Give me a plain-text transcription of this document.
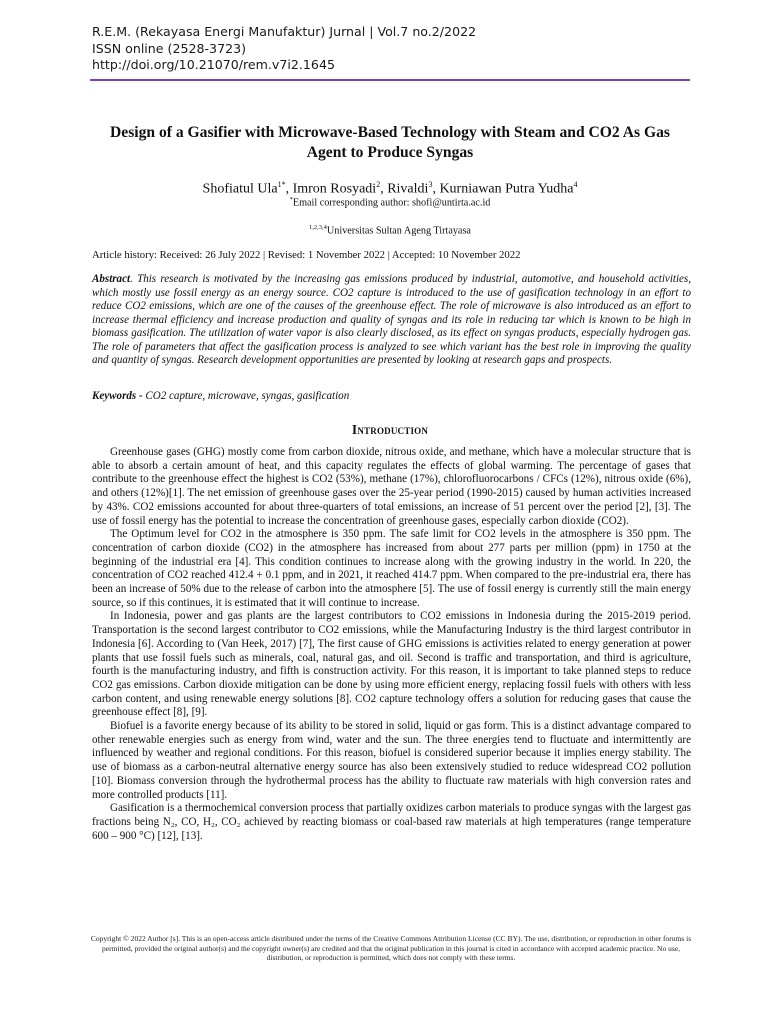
R.E.M. (Rekayasa Energi Manufaktur) Jurnal | Vol.7 no.2/2022
ISSN online (2528-3723)
http://doi.org/10.21070/rem.v7i2.1645
Design of a Gasifier with Microwave-Based Technology with Steam and CO2 As Gas Agent to Produce Syngas
Shofiatul Ula$^{1*}$, Imron Rosyadi$^2$, Rivaldi$^3$, Kurniawan Putra Yudha$^4$
*Email corresponding author: shofi@untirta.ac.id
$^{1,2,3,4}$Universitas Sultan Ageng Tirtayasa
Article history: Received: 26 July 2022 | Revised: 1 November 2022 | Accepted: 10 November 2022
Abstract. This research is motivated by the increasing gas emissions produced by industrial, automotive, and household activities, which mostly use fossil energy as an energy source. CO2 capture is introduced to the use of gasification technology in an effort to reduce CO2 emissions, which are one of the causes of the greenhouse effect. The role of microwave is also introduced as an effort to increase thermal efficiency and increase production and quality of syngas and its role in reducing tar which is known to be high in biomass gasification. The utilization of water vapor is also clearly disclosed, as its effect on syngas products, especially hydrogen gas. The role of parameters that affect the gasification process is analyzed to see which variant has the best role in improving the quality and quantity of syngas. Research development opportunities are presented by looking at research gaps and prospects.
Keywords - CO2 capture, microwave, syngas, gasification
Introduction

Greenhouse gases (GHG) mostly come from carbon dioxide, nitrous oxide, and methane, which have a molecular structure that is able to absorb a certain amount of heat, and this capacity regulates the effects of global warming. The percentage of gases that contribute to the greenhouse effect the highest is CO2 (53%), methane (17%), chlorofluorocarbons / CFCs (12%), nitrous oxide (6%), and others (12%)[1]. The net emission of greenhouse gases over the 25-year period (1990-2015) caused by human activities increased by 43%. CO2 emissions accounted for about three-quarters of total emissions, an increase of 51 percent over the period [2], [3]. The use of fossil energy has the potential to increase the concentration of greenhouse gases, especially carbon dioxide (CO2).

The Optimum level for CO2 in the atmosphere is 350 ppm. The safe limit for CO2 levels in the atmosphere is 350 ppm. The concentration of carbon dioxide (CO2) in the atmosphere has increased from about 277 parts per million (ppm) in 1750 at the beginning of the industrial era [4]. This condition continues to increase along with the growing industry in the world. In 220, the concentration of CO2 reached 412.4 + 0.1 ppm, and in 2021, it reached 414.7 ppm. When compared to the pre-industrial era, there has been an increase of 50% due to the release of carbon into the atmosphere [5]. The use of fossil energy is currently still the main energy source, so if this continues, it is estimated that it will continue to increase.

In Indonesia, power and gas plants are the largest contributors to CO2 emissions in Indonesia during the 2015-2019 period. Transportation is the second largest contributor to CO2 emissions, while the Manufacturing Industry is the third largest contributor in Indonesia [6]. According to (Van Heek, 2017) [7], The first cause of GHG emissions is activities related to energy generation at power plants that use fossil fuels such as minerals, coal, natural gas, and oil. Second is traffic and transportation, and third is agriculture, fourth is the manufacturing industry, and fifth is construction activity. For this reason, it is important to take planned steps to reduce CO2 gas emissions. Carbon dioxide mitigation can be done by using more efficient energy, replacing fossil fuels with others with less carbon content, and using renewable energy solutions [8]. CO2 capture technology offers a solution for reducing gases that cause the greenhouse effect [8], [9].

Biofuel is a favorite energy because of its ability to be stored in solid, liquid or gas form. This is a distinct advantage compared to other renewable energies such as energy from wind, water and the sun. The three energies tend to fluctuate and intermittently are influenced by weather and regional conditions. For this reason, biofuel is considered superior because it implies energy stability. The use of biomass as a carbon-neutral alternative energy source has also been extensively studied to reduce widespread CO2 pollution [10]. Biomass conversion through the hydrothermal process has the ability to fluctuate raw materials with high conversion rates and more controlled products [11].

Gasification is a thermochemical conversion process that partially oxidizes carbon materials to produce syngas with the largest gas fractions being N₂, CO, H₂, CO₂ achieved by reacting biomass or coal-based raw materials at high temperatures (range temperature 600 – 900 °C) [12], [13].

Copyright © 2022 Author [s]. This is an open-access article distributed under the terms of the Creative Commons Attribution License (CC BY). The use, distribution, or reproduction in other forums is permitted, provided the original author(s) and the copyright owner(s) are credited and that the original publication in this journal is cited in accordance with accepted academic practice. No use, distribution, or reproduction is permitted, which does not comply with these terms.
